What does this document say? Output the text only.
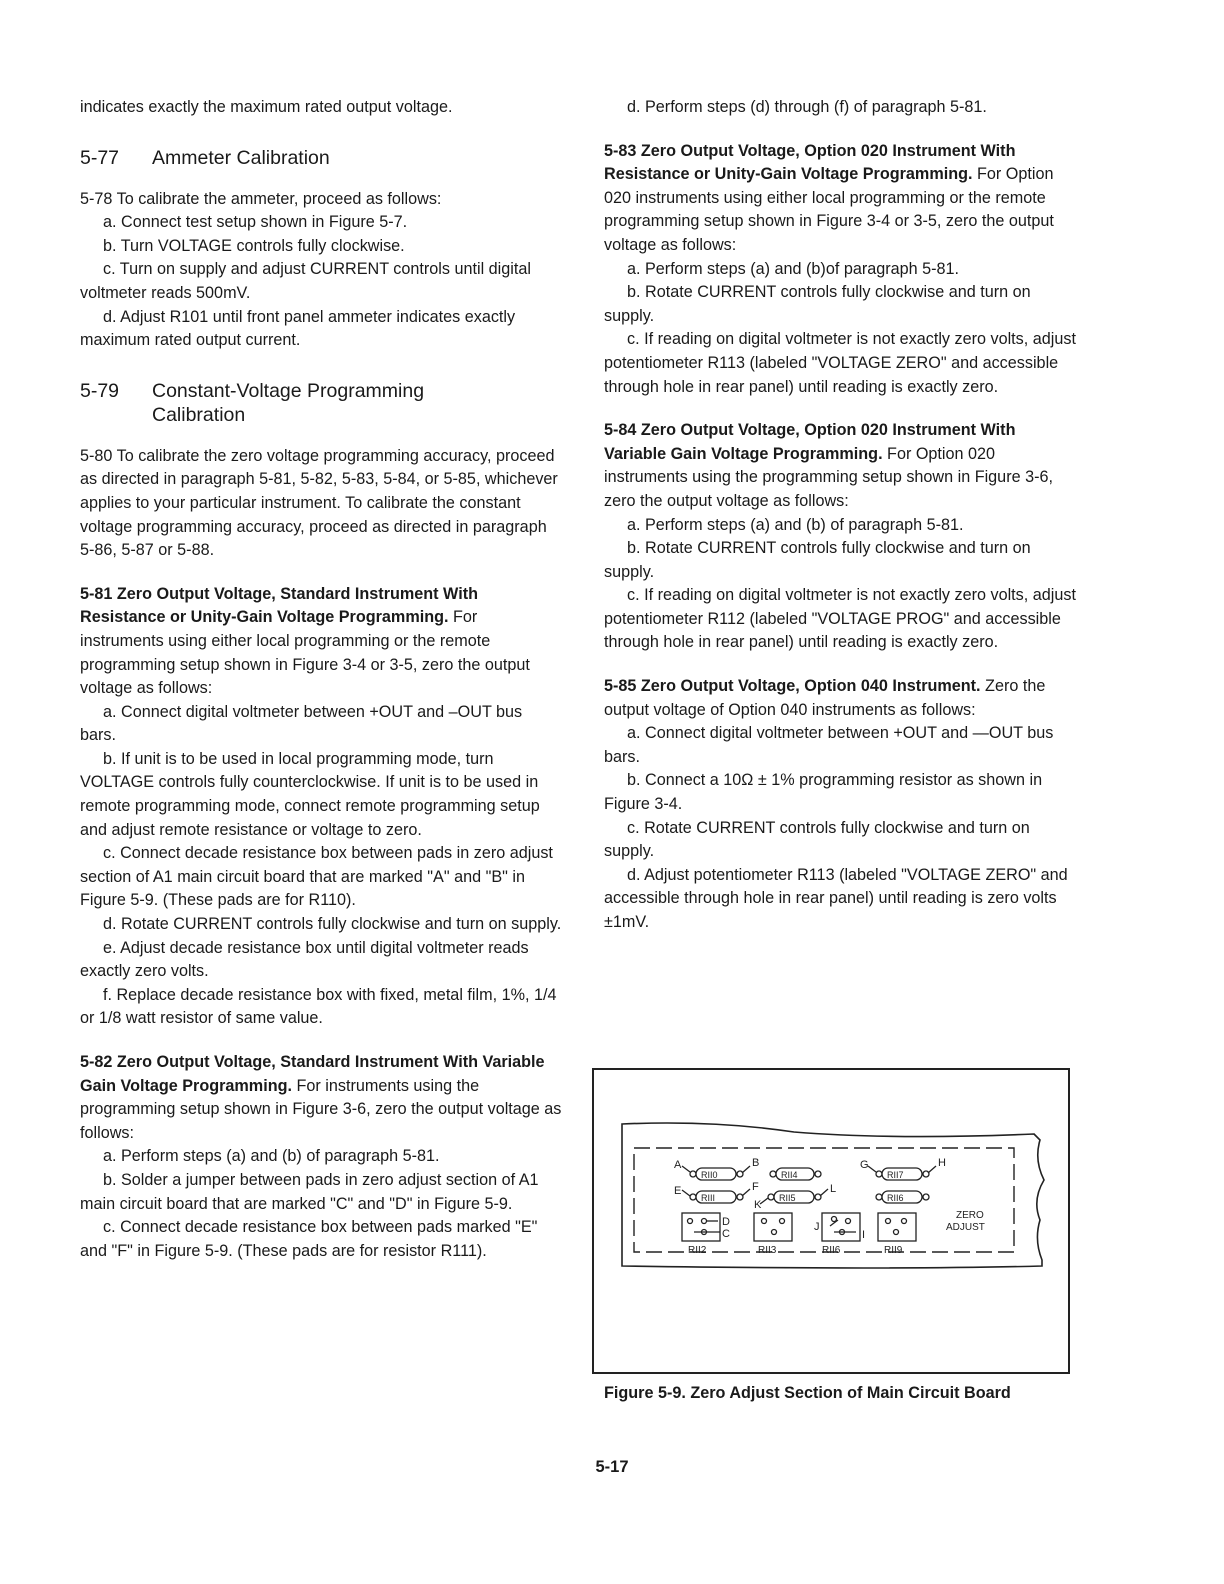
indicates exactly the maximum rated output voltage.

5-77	Ammeter Calibration

5-78 To calibrate the ammeter, proceed as follows:

a. Connect test setup shown in Figure 5-7.

b. Turn VOLTAGE controls fully clockwise.

c. Turn on supply and adjust CURRENT controls until digital voltmeter reads 500mV.

d. Adjust R101 until front panel ammeter indicates exactly maximum rated output current.

5-79	Constant-Voltage Programming
Calibration

5-80 To calibrate the zero voltage programming accuracy, proceed as directed in paragraph 5-81, 5-82, 5-83, 5-84, or 5-85, whichever applies to your particular instrument. To calibrate the constant voltage programming accuracy, proceed as directed in paragraph 5-86, 5-87 or 5-88.

5-81 Zero Output Voltage, Standard Instrument With Resistance or Unity-Gain Voltage Programming. For instruments using either local programming or the remote programming setup shown in Figure 3-4 or 3-5, zero the output voltage as follows:

a. Connect digital voltmeter between +OUT and –OUT bus bars.

b. If unit is to be used in local programming mode, turn VOLTAGE controls fully counterclockwise. If unit is to be used in remote programming mode, connect remote programming setup and adjust remote resistance or voltage to zero.

c. Connect decade resistance box between pads in zero adjust section of A1 main circuit board that are marked "A" and "B" in Figure 5-9. (These pads are for R110).

d. Rotate CURRENT controls fully clockwise and turn on supply.

e. Adjust decade resistance box until digital voltmeter reads exactly zero volts.

f. Replace decade resistance box with fixed, metal film, 1%, 1/4 or 1/8 watt resistor of same value.

5-82 Zero Output Voltage, Standard Instrument With Variable Gain Voltage Programming. For instruments using the programming setup shown in Figure 3-6, zero the output voltage as follows:

a. Perform steps (a) and (b) of paragraph 5-81.

b. Solder a jumper between pads in zero adjust section of A1 main circuit board that are marked "C" and "D" in Figure 5-9.

c. Connect decade resistance box between pads marked "E" and "F" in Figure 5-9. (These pads are for resistor R111).

d. Perform steps (d) through (f) of paragraph 5-81.

5-83 Zero Output Voltage, Option 020 Instrument With Resistance or Unity-Gain Voltage Programming. For Option 020 instruments using either local programming or the remote programming setup shown in Figure 3-4 or 3-5, zero the output voltage as follows:

a. Perform steps (a) and (b)of paragraph 5-81.

b. Rotate CURRENT controls fully clockwise and turn on supply.

c. If reading on digital voltmeter is not exactly zero volts, adjust potentiometer R113 (labeled "VOLTAGE ZERO" and accessible through hole in rear panel) until reading is exactly zero.

5-84 Zero Output Voltage, Option 020 Instrument With Variable Gain Voltage Programming. For Option 020 instruments using the programming setup shown in Figure 3-6, zero the output voltage as follows:

a. Perform steps (a) and (b) of paragraph 5-81.

b. Rotate CURRENT controls fully clockwise and turn on supply.

c. If reading on digital voltmeter is not exactly zero volts, adjust potentiometer R112 (labeled "VOLTAGE PROG" and accessible through hole in rear panel) until reading is exactly zero.

5-85 Zero Output Voltage, Option 040 Instrument. Zero the output voltage of Option 040 instruments as follows:

a. Connect digital voltmeter between +OUT and —OUT bus bars.

b. Connect a 10Ω ± 1% programming resistor as shown in Figure 3-4.

c. Rotate CURRENT controls fully clockwise and turn on supply.

d. Adjust potentiometer R113 (labeled "VOLTAGE ZERO" and accessible through hole in rear panel) until reading is zero volts ±1mV.

A	B	G	H
E	F
K
L
D
C
J
I
RII0	RII4	RII7
RIII	RII5	RII6
RII2	RII3	RII6	RII9
ZERO
ADJUST
Figure 5-9. Zero Adjust Section of Main Circuit Board
5-17
